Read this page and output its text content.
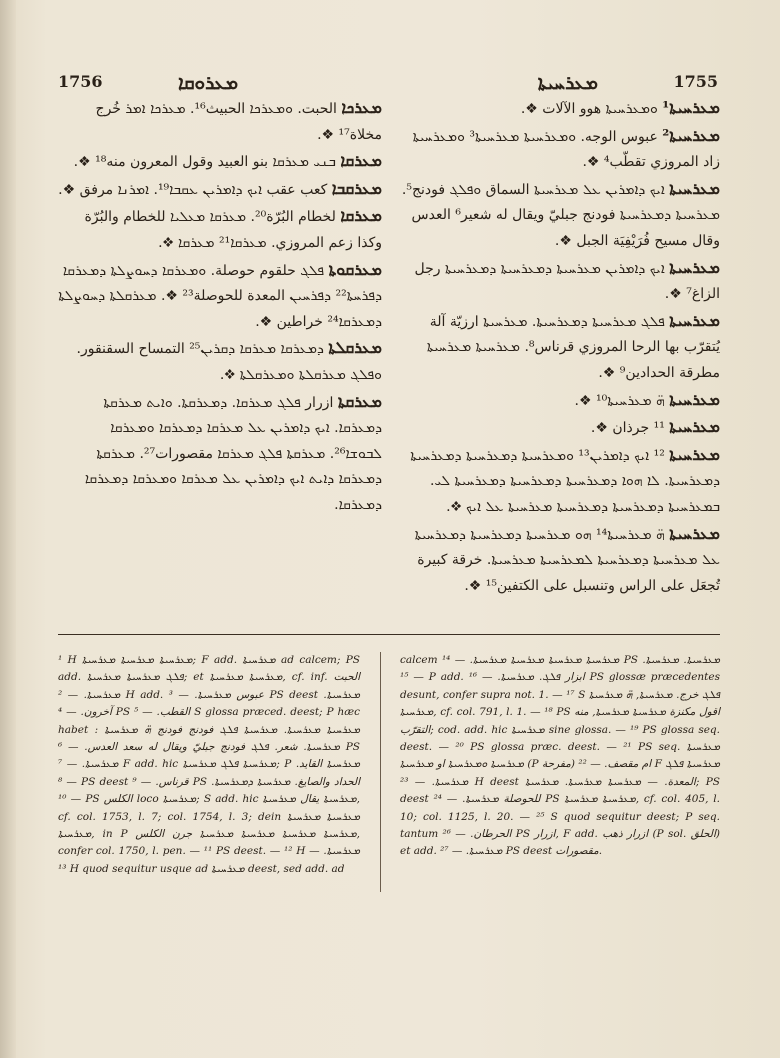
1756	ܡܥܪܘܩܐ	ܡܥܪܚܝܬܐ	1755

ܡܥܪܟܐ الحبت. ܘܡܥܪܟܐ الحبيث¹⁶. ܡܥܪܟܐ ܐܡܪ خُرج مخلاة¹⁷ ❖.

ܡܥܪܩܐ ܒܢܝ ܡܥܪܩܐ بنو العبيد وقول المعرون منه¹⁸ ❖.

ܡܥܪܩܒܐ كعب عقب ܐܝܟ ܕܐܡܪܝܢ ܥܩܒܐ¹⁹. ܐܡܪܢܐ مرفق ❖.

ܡܥܪܩܐ لخطام البُرّة²⁰. ܡܥܪܩܐ ܡܥܠܝܐ للخطام والبُرّة وكذا زعم المروزي. ܡܥܪܩܐ²¹ ܡܥܪܩܐ ❖.

ܡܥܪܩܘܬܐ ܦܠܓ حلقوم حوصلة. ܘܡܥܪܩܐ ܕܚܘܨܠܬܐ ܕܡܥܪܩܐ ܕܦܪܚܬܐ²² ܕܦܪܚܝܢ المعدة للحوصلة²³ ❖. ܡܥܪܩܠܬܐ ܕܚܘܨܠܬܐ ܕܡܥܪܩܐ²⁴ خراطين ❖.

ܡܥܪܩܠܬܐ ܕܡܥܪܩܐ ܡܥܪܩܐ ܕܩܪܝܢ²⁵ التمساح السقنقور. ܘܦܠܓ ܡܥܪܩܠܬܐ ܘܡܥܪܩܠܬܐ ❖.

ܡܥܪܩܬܐ ازرار ܦܠܓ ܡܥܪܩܐ. ܕܡܥܪܩܬܐ. ܘܐܝܬ ܡܥܪܩܬܐ ܕܡܥܪܩܐ. ܐܝܟ ܕܐܡܪܝܢ ܥܠ ܡܥܪܩܐ ܕܡܥܪܩܐ ܘܡܥܪܩܐ ܠܒܘܫܐ²⁶. ܡܥܪܩܬܐ ܦܠܓ ܡܥܪܩܐ مقصورات²⁷. ܡܥܪܩܬܐ ܕܡܥܪܩܐ ܕܐܝܬ ܐܝܟ ܕܐܡܪܝܢ ܥܠ ܡܥܪܩܐ ܘܡܥܪܩܐ ܕܡܥܪܩܐ ܕܡܥܪܩܐ.

ܡܥܪܚܝܬܐ¹ ܘܡܥܪܚܝܬܐ هوو الآلات ❖.

ܡܥܪܚܝܬܐ² عبوس الوجه. ܘܡܥܪܚܝܬܐ ܡܥܪܚܝܬܐ³ ܘܡܥܪܚܝܬܐ زاد المروزي تقطّب⁴ ❖.

ܡܥܪܚܝܬܐ ܐܝܟ ܕܐܡܪܝܢ ܥܠ ܡܥܪܚܝܬܐ السماق ܘܦܠܓ فودنج⁵. ܡܥܪܚܝܬܐ ܕܡܥܪܚܝܬܐ فودنج جبليّ ويقال له شعير⁶ العدس وقال مسيح فُرَيْفِيَة الجبل ❖.

ܡܥܪܚܝܬܐ ܐܝܟ ܕܐܡܪܝܢ ܡܥܪܚܝܬܐ ܕܡܥܪܚܝܬܐ ܕܡܥܪܚܝܬܐ رجل الزاغ⁷ ❖.

ܡܥܪܚܝܬܐ ܦܠܓ ܡܥܪܚܝܬܐ ܕܡܥܪܚܝܬܐ. ܡܥܪܚܝܬܐ ارزيّة آلة يُتقرّب بها الرحا المروزي قرناس⁸. ܡܥܪܚܝܬܐ ܡܥܪܚܝܬܐ مطرقة الحدادين⁹ ❖.

ܡܥܪܚܝܬܐ ܗ̈ ܡܥܪܚܝܬܐ¹⁰ ❖.

ܡܥܪܚܝܬܐ ¹¹ جرذان ❖.

ܡܥܪܚܝܬܐ ¹² ܐܝܟ ܕܐܡܪܝܢ¹³ ܘܡܥܪܚܝܬܐ ܕܡܥܪܚܝܬܐ ܕܡܥܪܚܝܬܐ ܕܡܥܪܚܝܬܐ. ܠܐ ܗܘܐ ܕܡܥܪܚܝܬܐ ܕܡܥܪܚܝܬܐ ܕܡܥܪܚܝܬܐ ܠܝ. ܒܡܥܪܚܝܬܐ ܕܡܥܪܚܝܬܐ ܕܡܥܪܚܝܬܐ ܡܥܪܚܝܬܐ ܥܠ ܐܝܟ ❖.

ܡܥܪܚܝܬܐ ܗ̈ ܡܥܪܚܝܬܐ¹⁴ ܗܘ ܡܥܪܚܝܬܐ ܕܡܥܪܚܝܬܐ ܕܡܥܪܚܝܬܐ ܥܠ ܡܥܪܚܝܬܐ ܕܡܥܪܚܝܬܐ ܠܡܥܪܚܝܬܐ ܡܥܪܚܝܬܐ. خرقة كبيرة تُجعَل على الراس وتنسبل على الكتفين¹⁵ ❖.

¹ H ܡܥܪܚܝܬܐ ܡܥܪܚܝܬܐ ܡܥܪܚܝܬܐ; F add. ܡܥܪܚܝܬܐ ad calcem; PS add. ܦܠܓ ܡܥܪܚܝܬܐ ܡܥܪܚܝܬܐ; et ܡܥܪܚܝܬܐ ܡܥܪܚܝܬܐ, cf. inf. الحبت ܡܥܪܚܝܬܐ. — ² H add. عبوس ܡܥܪܚܝܬܐ. — ³ PS deest ܡܥܪܚܝܬܐ. آخرون. — ⁴ PS القطب. — ⁵ S glossa præced. deest; P hæc habet : ܡܥܪܚܝܬܐ ܡܥܪܚܝܬܐ. ܡܥܪܚܝܬܐ ܦܠܓ فودنج فودنج ܗ̈ ܡܥܪܚܝܬܐ ܡܥܪܚܝܬܐ. شعر. ܦܠܓ فودنج جبليّ ويقال له سعد العدس. — ⁶ PS ܡܥܪܚܝܬܐ. — ⁷ F add. hic ܡܥܪܚܝܬܐ ܦܠܓ ܡܥܪܚܝܬܐ; P ܡܥܪܚܝܬܐ القايد. — ⁸ PS deest قرناس. — ⁹ PS الحداد والصايغ. ܡܥܪܚܝܬܐ ܕܡܥܪܚܝܬܐ. — ¹⁰ PS الكلس loco ܡܥܪܚܝܬܐ; S add. hic ܡܥܪܚܝܬܐ يقال ܡܥܪܚܝܬܐ, cf. col. 1753, l. 7; col. 1754, l. 3; dein ܡܥܪܚܝܬܐ ܡܥܪܚܝܬܐ ܡܥܪܚܝܬܐ, in P ܡܥܪܚܝܬܐ ܡܥܪܚܝܬܐ ܡܥܪܚܝܬܐ ܡܥܪܚܝܬܐ جرن الكلس, confer col. 1750, l. pen. — ¹¹ PS deest. — ¹² H ܡܥܪܚܝܬܐ. — ¹³ H quod sequitur usque ad ܡܥܪܚܝܬܐ deest, sed add. ad

calcem ܡܥܪܚܝܬܐ ܡܥܪܚܝܬܐ ܡܥܪܚܝܬܐ ܡܥܪܚܝܬܐ. — ¹⁴ PS ܡܥܪܚܝܬܐ. ܡܥܪܚܝܬܐ. — ¹⁵ P add. ابزار ܦܠܓ. ܡܥܪܚܝܬܐ. — ¹⁶ PS glossæ præcedentes desunt, confer supra not. 1. — ¹⁷ S ܦܠܓ خرج. ܡܥܪܚܝܬܐ, ܗ̈ ܡܥܪܚܝܬܐ ܡܥܪܚܝܬܐ, cf. col. 791, l. 1. — ¹⁸ PS اقول مكنزة ܡܥܪܚܝܬܐ ܡܥܪܚܝܬܐ, منه التقرّب; cod. add. hic ܡܥܪܚܝܬܐ sine glossa. — ¹⁹ PS glossa seq. deest. — ²⁰ PS glossa præc. deest. — ²¹ PS seq. ܡܥܪܚܝܬܐ ܡܥܪܚܝܬܐ ܘܡܥܪܚܝܬܐ او ܡܥܪܚܝܬܐ (P مفرحة) ام مقصف. — ²² F ܡܥܪܚܝܬܐ ܦܠܓ ܡܥܪܚܝܬܐ. — ²³ H deest المعدة. — ܡܥܪܚܝܬܐ ܡܥܪܚܝܬܐ. ܡܥܪܚܝܬܐ; PS deest للحوصلة ܡܥܪܚܝܬܐ. — ²⁴ PS ܡܥܪܚܝܬܐ ܡܥܪܚܝܬܐ, cf. col. 405, l. 10; col. 1125, l. 20. — ²⁵ S quod sequitur deest; P seq. tantum الحرطان. — ²⁶ PS ازرار, F add. ازرار ذهب (P sol. الحلق) et add. ܡܥܪܚܝܬܐ. — ²⁷ PS deest مقصورات.
